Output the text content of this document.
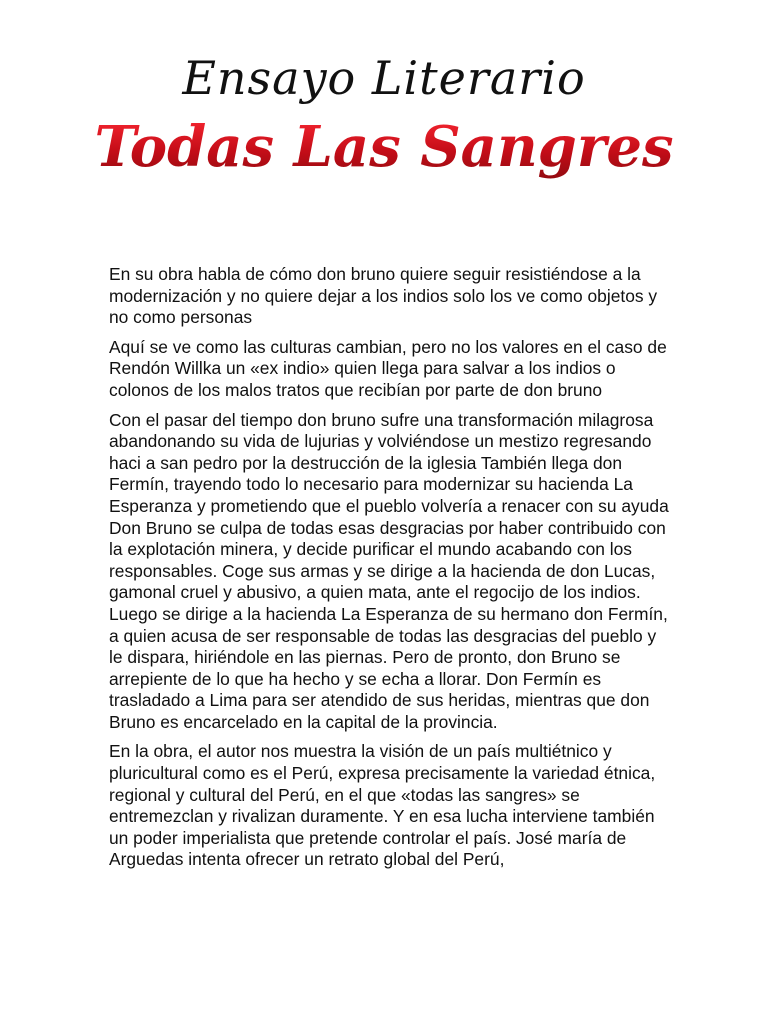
Ensayo Literario
Todas Las Sangres

En su obra habla de cómo don bruno quiere seguir resistiéndose a la modernización y no quiere dejar a los indios solo los ve como objetos y no como personas

Aquí se ve como las culturas cambian, pero no los valores en el caso de Rendón Willka un «ex indio» quien llega para salvar a los indios o colonos de los malos tratos que recibían por parte de don bruno

Con el pasar del tiempo don bruno sufre una transformación milagrosa abandonando su vida de lujurias y volviéndose un mestizo regresando haci a san pedro por la destrucción de la iglesia También llega don Fermín, trayendo todo lo necesario para modernizar su hacienda La Esperanza y prometiendo que el pueblo volvería a renacer con su ayuda Don Bruno se culpa de todas esas desgracias por haber contribuido con la explotación minera, y decide purificar el mundo acabando con los responsables. Coge sus armas y se dirige a la hacienda de don Lucas, gamonal cruel y abusivo, a quien mata, ante el regocijo de los indios. Luego se dirige a la hacienda La Esperanza de su hermano don Fermín, a quien acusa de ser responsable de todas las desgracias del pueblo y le dispara, hiriéndole en las piernas. Pero de pronto, don Bruno se arrepiente de lo que ha hecho y se echa a llorar. Don Fermín es trasladado a Lima para ser atendido de sus heridas, mientras que don Bruno es encarcelado en la capital de la provincia.

En la obra, el autor nos muestra la visión de un país multiétnico y pluricultural como es el Perú, expresa precisamente la variedad étnica, regional y cultural del Perú, en el que «todas las sangres» se entremezclan y rivalizan duramente. Y en esa lucha interviene también un poder imperialista que pretende controlar el país. José maría de Arguedas intenta ofrecer un retrato global del Perú,
